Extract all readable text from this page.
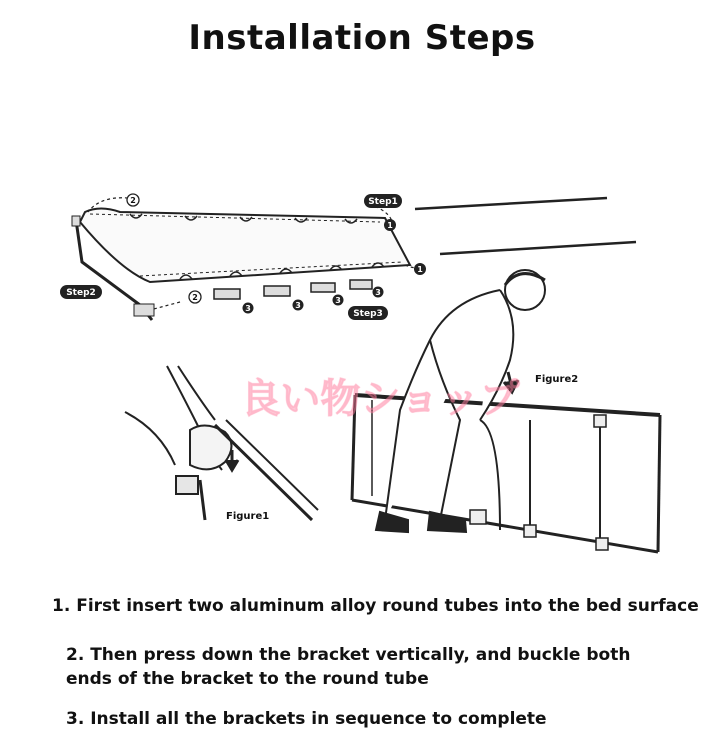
Installation Steps
2
1
1
2
3	3
3
3
Step1
Step2
Step3
Figure1
Figure2
良い物ショップ
1. First insert two aluminum alloy round tubes into the bed surface
2. Then press down the bracket vertically, and buckle both ends of the bracket to the round tube
3. Install all the brackets in sequence to complete
